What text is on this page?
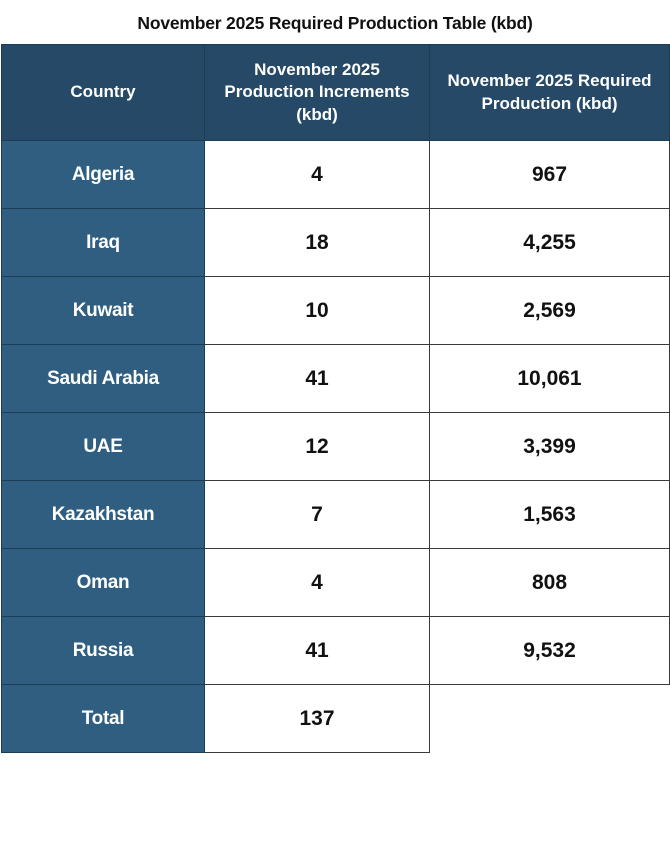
November 2025 Required Production Table (kbd)
Country	November 2025 Production Increments (kbd)	November 2025 Required Production (kbd)
Algeria	4	967
Iraq	18	4,255
Kuwait	10	2,569
Saudi Arabia	41	10,061
UAE	12	3,399
Kazakhstan	7	1,563
Oman	4	808
Russia	41	9,532
Total	137	
